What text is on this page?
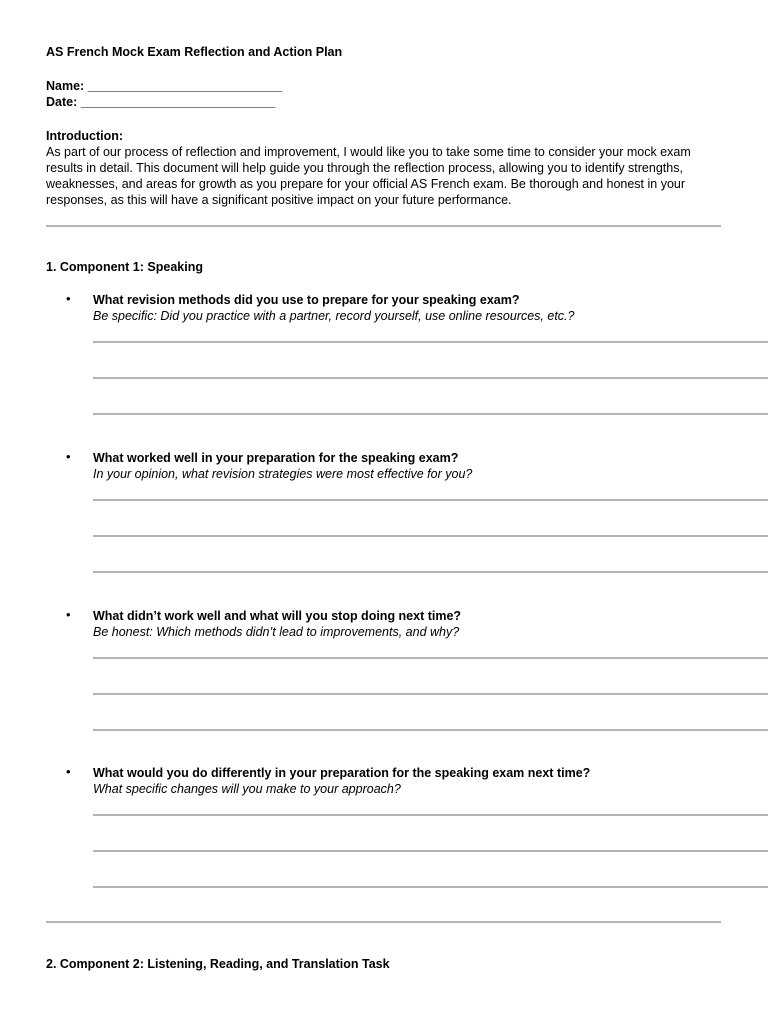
AS French Mock Exam Reflection and Action Plan
Name: ____________________________
Date: ____________________________
Introduction:
As part of our process of reflection and improvement, I would like you to take some time to consider your mock exam results in detail. This document will help guide you through the reflection process, allowing you to identify strengths, weaknesses, and areas for growth as you prepare for your official AS French exam. Be thorough and honest in your responses, as this will have a significant positive impact on your future performance.
1. Component 1: Speaking
• What revision methods did you use to prepare for your speaking exam?
Be specific: Did you practice with a partner, record yourself, use online resources, etc.?
• What worked well in your preparation for the speaking exam?
In your opinion, what revision strategies were most effective for you?
• What didn’t work well and what will you stop doing next time?
Be honest: Which methods didn’t lead to improvements, and why?
• What would you do differently in your preparation for the speaking exam next time?
What specific changes will you make to your approach?
2. Component 2: Listening, Reading, and Translation Task
